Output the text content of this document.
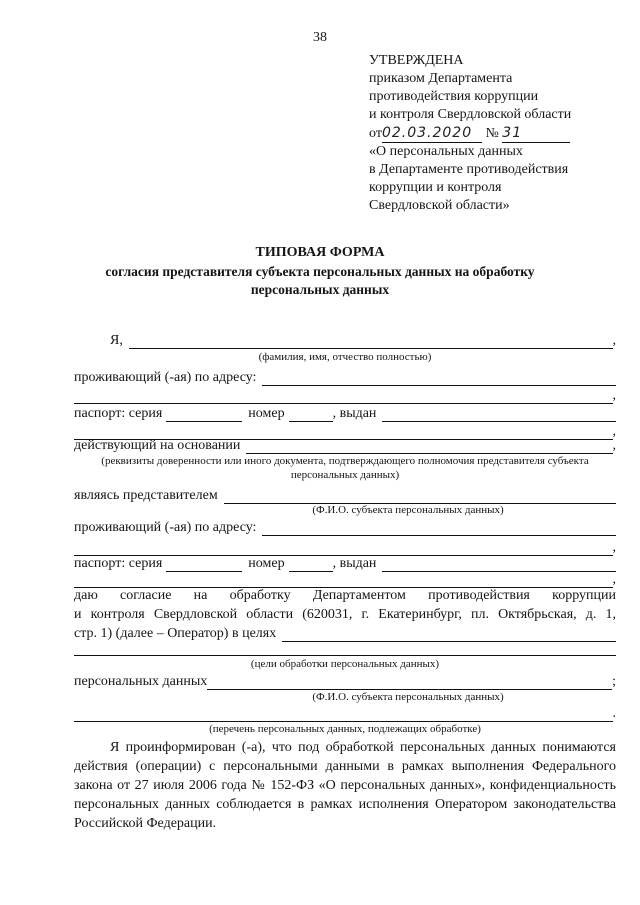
38
УТВЕРЖДЕНА
приказом Департамента
противодействия коррупции
и контроля Свердловской области
от02.03.2020 № 31
«О персональных данных
в Департаменте противодействия
коррупции и контроля
Свердловской области»
ТИПОВАЯ ФОРМА
согласия представителя субъекта персональных данных на обработку персональных данных
Я,	,
(фамилия, имя, отчество полностью)
проживающий (-ая) по адресу:
,
паспорт: серия	номер	, выдан
,
действующий на основании	,
(реквизиты доверенности или иного документа, подтверждающего полномочия представителя субъекта персональных данных)
являясь представителем
(Ф.И.О. субъекта персональных данных)
проживающий (-ая) по адресу:
,
паспорт: серия	номер	, выдан
,
даю согласие на обработку Департаментом противодействия коррупции
и контроля Свердловской области (620031, г. Екатеринбург, пл. Октябрьская, д. 1,
стр. 1) (далее – Оператор) в целях
(цели обработки персональных данных)
персональных данных	;
(Ф.И.О. субъекта персональных данных)
.
(перечень персональных данных, подлежащих обработке)
Я проинформирован (-а), что под обработкой персональных данных понимаются действия (операции) с персональными данными в рамках выполнения Федерального закона от 27 июля 2006 года № 152-ФЗ «О персональных данных», конфиденциальность персональных данных соблюдается в рамках исполнения Оператором законодательства Российской Федерации.
